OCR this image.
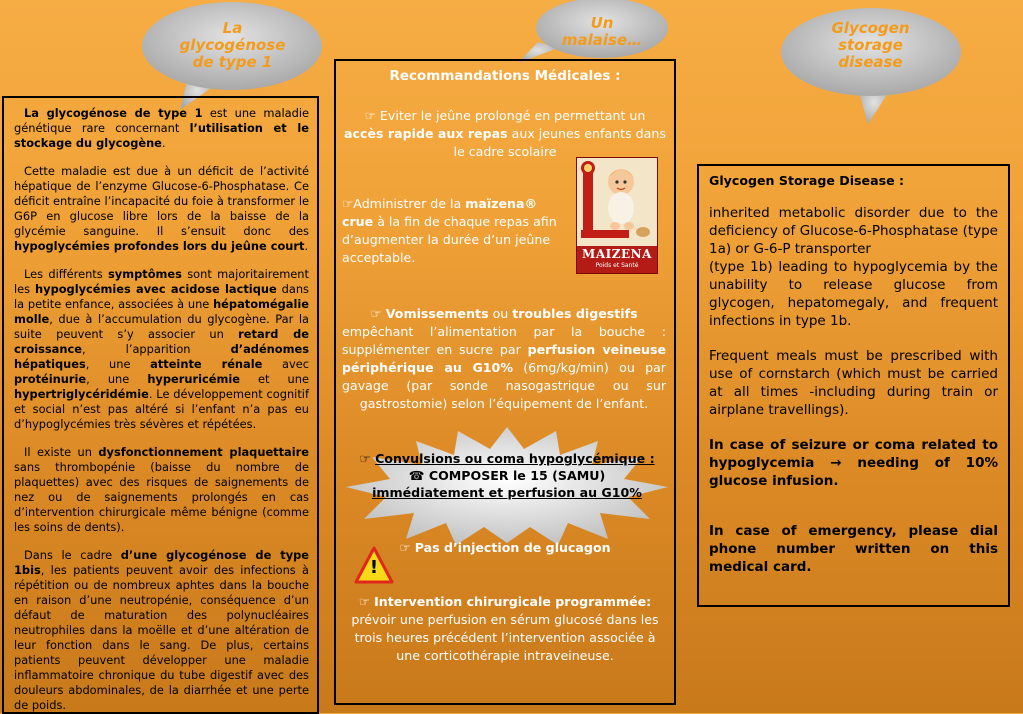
La
glycogénose
de type 1
Un
malaise…
Glycogen
storage
disease

La glycogénose de type 1 est une maladie génétique rare concernant l’utilisation et le stockage du glycogène.

Cette maladie est due à un déficit de l’activité hépatique de l’enzyme Glucose-6-Phosphatase. Ce déficit entraîne l’incapacité du foie à transformer le G6P en glucose libre lors de la baisse de la glycémie sanguine. Il s’ensuit donc des hypoglycémies profondes lors du jeûne court.

Les différents symptômes sont majoritairement les hypoglycémies avec acidose lactique dans la petite enfance, associées à une hépatomégalie molle, due à l’accumulation du glycogène. Par la suite peuvent s’y associer un retard de croissance, l’apparition d’adénomes hépatiques, une atteinte rénale avec protéinurie, une hyperuricémie et une hypertriglycéridémie. Le développement cognitif et social n’est pas altéré si l’enfant n’a pas eu d’hypoglycémies très sévères et répétées.

Il existe un dysfonctionnement plaquettaire sans thrombopénie (baisse du nombre de plaquettes) avec des risques de saignements de nez ou de saignements prolongés en cas d’intervention chirurgicale même bénigne (comme les soins de dents).

Dans le cadre d’une glycogénose de type 1bis, les patients peuvent avoir des infections à répétition ou de nombreux aphtes dans la bouche en raison d’une neutropénie, conséquence d’un défaut de maturation des polynucléaires neutrophiles dans la moëlle et d’une altération de leur fonction dans le sang. De plus, certains patients peuvent développer une maladie inflammatoire chronique du tube digestif avec des douleurs abdominales, de la diarrhée et une perte de poids.

Recommandations Médicales :
☞ Eviter le jeûne prolongé en permettant un accès rapide aux repas aux jeunes enfants dans le cadre scolaire
☞Administrer de la maïzena® crue à la fin de chaque repas afin d’augmenter la durée d’un jeûne acceptable.
☞ Vomissements ou troubles digestifs
empêchant l’alimentation par la bouche : supplémenter en sucre par perfusion veineuse périphérique au G10% (6mg/kg/min) ou par gavage (par sonde nasogastrique ou sur gastrostomie) selon l’équipement de l’enfant.
☞ Convulsions ou coma hypoglycémique :
☎ COMPOSER le 15 (SAMU)
immédiatement et perfusion au G10%
☞ Pas d’injection de glucagon
☞ Intervention chirurgicale programmée:
prévoir une perfusion en sérum glucosé dans les trois heures précédent l’intervention associée à une corticothérapie intraveineuse.
MAIZENA
Poids et Santé
!

Glycogen Storage Disease :

inherited metabolic disorder due to the deficiency of Glucose-6-Phosphatase (type 1a) or G-6-P transporter
(type 1b) leading to hypoglycemia by the unability to release glucose from glycogen, hepatomegaly, and frequent infections in type 1b.

Frequent meals must be prescribed with use of cornstarch (which must be carried at all times -including during train or airplane travellings).

In case of seizure or coma related to hypoglycemia → needing of 10% glucose infusion.

In case of emergency, please dial phone number written on this medical card.
